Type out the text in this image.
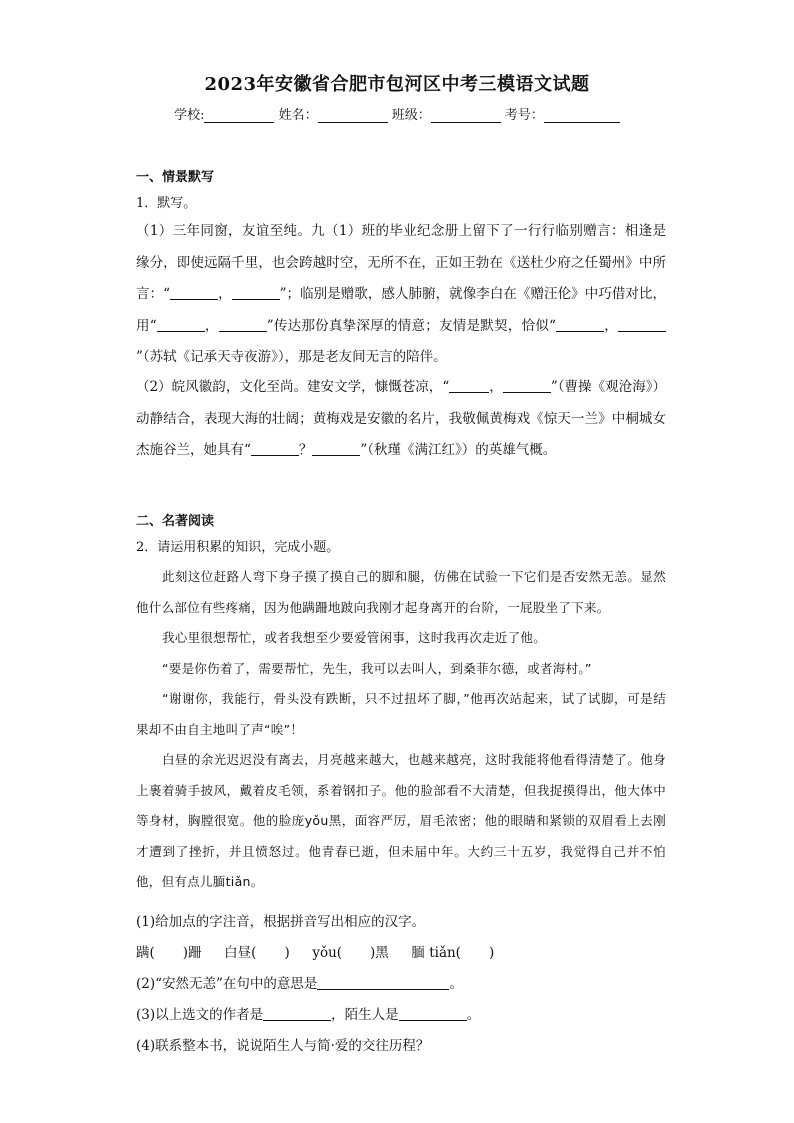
2023年安徽省合肥市包河区中考三模语文试题
学校:	姓名：	班级：	考号：
一、情景默写
1．默写。
（1）三年同窗，友谊至纯。九（1）班的毕业纪念册上留下了一行行临别赠言：相逢是缘分，即使远隔千里，也会跨越时空，无所不在，正如王勃在《送杜少府之任蜀州》中所言：“	，	”；临别是赠歌，感人肺腑，就像李白在《赠汪伦》中巧借对比，用“	，	”传达那份真挚深厚的情意；友情是默契，恰似“	，”（苏轼《记承天寺夜游》），那是老友间无言的陪伴。
（2）皖风徽韵，文化至尚。建安文学，慷慨苍凉，“	，	”（曹操《观沧海》）动静结合，表现大海的壮阔；黄梅戏是安徽的名片，我敬佩黄梅戏《惊天一兰》中桐城女杰施谷兰，她具有“	？	”（秋瑾《满江红》）的英雄气概。
二、名著阅读
2．请运用积累的知识，完成小题。

此刻这位赶路人弯下身子摸了摸自己的脚和腿，仿佛在试验一下它们是否安然无恙。显然他什么部位有些疼痛，因为他蹒跚地跛向我刚才起身离开的台阶，一屁股坐了下来。

我心里很想帮忙，或者我想至少要爱管闲事，这时我再次走近了他。

“要是你伤着了，需要帮忙，先生，我可以去叫人，到桑菲尔德，或者海村。”

“谢谢你，我能行，骨头没有跌断，只不过扭坏了脚，”他再次站起来，试了试脚，可是结果却不由自主地叫了声“唉”！

白昼的余光迟迟没有离去，月亮越来越大，也越来越亮，这时我能将他看得清楚了。他身上裹着骑手披风，戴着皮毛领，系着钢扣子。他的脸部看不大清楚，但我捉摸得出，他大体中等身材，胸膛很宽。他的脸庞yǒu黑，面容严厉，眉毛浓密；他的眼睛和紧锁的双眉看上去刚才遭到了挫折，并且愤怒过。他青春已逝，但未届中年。大约三十五岁，我觉得自己并不怕他，但有点儿腼tiǎn。

(1)给加点的字注音，根据拼音写出相应的汉字。
蹒( )跚 白昼( ) yǒu( )黑 腼 tiǎn( )
(2)“安然无恙”在句中的意思是	。
(3)以上选文的作者是	，陌生人是	。
(4)联系整本书，说说陌生人与简·爱的交往历程？
